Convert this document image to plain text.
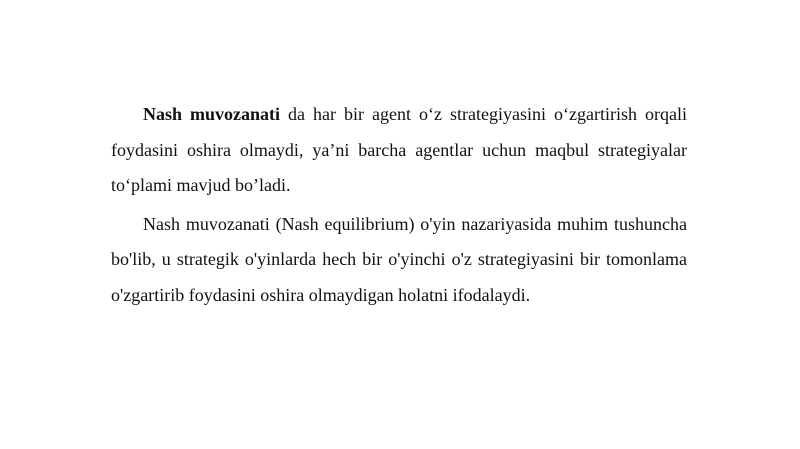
Nash muvozanati da har bir agent o‘z strategiyasini o‘zgartirish orqali foydasini oshira olmaydi, ya’ni barcha agentlar uchun maqbul strategiyalar to‘plami mavjud bo’ladi.

Nash muvozanati (Nash equilibrium) o'yin nazariyasida muhim tushuncha bo'lib, u strategik o'yinlarda hech bir o'yinchi o'z strategiyasini bir tomonlama o'zgartirib foydasini oshira olmaydigan holatni ifodalaydi.
